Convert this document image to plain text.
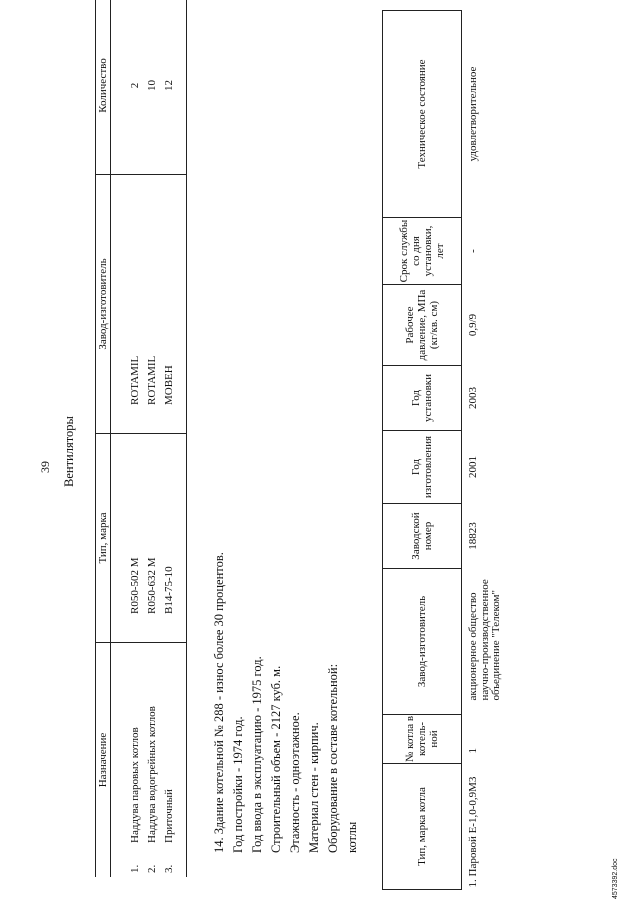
39 Вентиляторы
Назначение		Тип, марка	Завод-изготовитель	Количество
1.	Наддува паровых котлов	R050-502 M	ROTAMIL	2
2.	Наддува водогрейных котлов	R050-632 M	ROTAMIL	10
3.	Приточный	B14-75-10	MOBEH	12
14. Здание котельной № 288 - износ более 30 процентов. Год постройки - 1974 год. Год ввода в эксплуатацию - 1975 год. Строительный объем - 2127 куб. м. Этажность - одноэтажное. Материал стен - кирпич. Оборудование в составе котельной: котлы	Тип, марка котла	№ котла в котель-ной	Завод-изготовитель	Заводской номер	Год изготовления	Год установки	Рабочее давление, МПа (кг/кв. см)	Срок службы со дня установки, лет	Техническое состояние
1. Паровой Е-1,0-0,9М3	1	акционерное общество научно-производственное объединение "Телеком"	18823	2001	2003	0,9/9	-	удовлетворительное
4573392.doc
